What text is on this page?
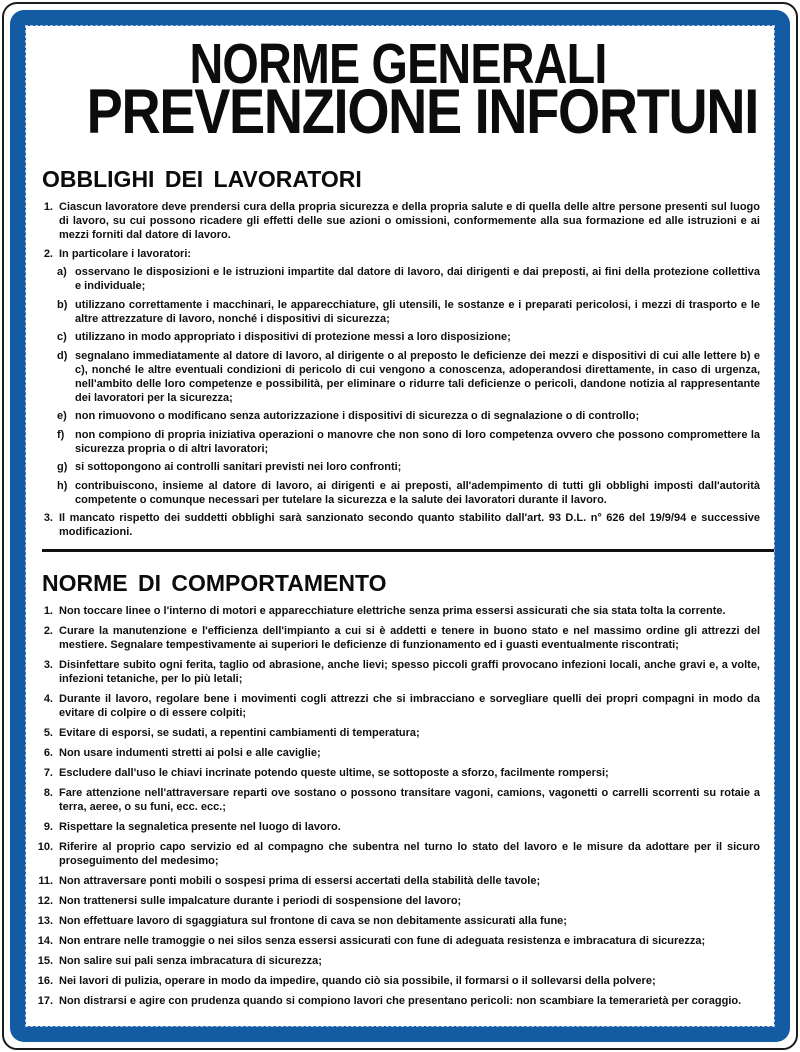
NORME GENERALI
PREVENZIONE INFORTUNI
OBBLIGHI DEI LAVORATORI
1. Ciascun lavoratore deve prendersi cura della propria sicurezza e della propria salute e di quella delle altre persone presenti sul luogo di lavoro, su cui possono ricadere gli effetti delle sue azioni o omissioni, conformemente alla sua formazione ed alle istruzioni e ai mezzi forniti dal datore di lavoro.
2. In particolare i lavoratori:
a) osservano le disposizioni e le istruzioni impartite dal datore di lavoro, dai dirigenti e dai preposti, ai fini della protezione collettiva e individuale;
b) utilizzano correttamente i macchinari, le apparecchiature, gli utensili, le sostanze e i preparati pericolosi, i mezzi di trasporto e le altre attrezzature di lavoro, nonché i dispositivi di sicurezza;
c) utilizzano in modo appropriato i dispositivi di protezione messi a loro disposizione;
d) segnalano immediatamente al datore di lavoro, al dirigente o al preposto le deficienze dei mezzi e dispositivi di cui alle lettere b) e c), nonché le altre eventuali condizioni di pericolo di cui vengono a conoscenza, adoperandosi direttamente, in caso di urgenza, nell'ambito delle loro competenze e possibilità, per eliminare o ridurre tali deficienze o pericoli, dandone notizia al rappresentante dei lavoratori per la sicurezza;
e) non rimuovono o modificano senza autorizzazione i dispositivi di sicurezza o di segnalazione o di controllo;
f) non compiono di propria iniziativa operazioni o manovre che non sono di loro competenza ovvero che possono compromettere la sicurezza propria o di altri lavoratori;
g) si sottopongono ai controlli sanitari previsti nei loro confronti;
h) contribuiscono, insieme al datore di lavoro, ai dirigenti e ai preposti, all'adempimento di tutti gli obblighi imposti dall'autorità competente o comunque necessari per tutelare la sicurezza e la salute dei lavoratori durante il lavoro.
3. Il mancato rispetto dei suddetti obblighi sarà sanzionato secondo quanto stabilito dall'art. 93 D.L. n° 626 del 19/9/94 e successive modificazioni.
NORME DI COMPORTAMENTO
1. Non toccare linee o l'interno di motori e apparecchiature elettriche senza prima essersi assicurati che sia stata tolta la corrente.
2. Curare la manutenzione e l'efficienza dell'impianto a cui si è addetti e tenere in buono stato e nel massimo ordine gli attrezzi del mestiere. Segnalare tempestivamente ai superiori le deficienze di funzionamento ed i guasti eventualmente riscontrati;
3. Disinfettare subito ogni ferita, taglio od abrasione, anche lievi; spesso piccoli graffi provocano infezioni locali, anche gravi e, a volte, infezioni tetaniche, per lo più letali;
4. Durante il lavoro, regolare bene i movimenti cogli attrezzi che si imbracciano e sorvegliare quelli dei propri compagni in modo da evitare di colpire o di essere colpiti;
5. Evitare di esporsi, se sudati, a repentini cambiamenti di temperatura;
6. Non usare indumenti stretti ai polsi e alle caviglie;
7. Escludere dall'uso le chiavi incrinate potendo queste ultime, se sottoposte a sforzo, facilmente rompersi;
8. Fare attenzione nell'attraversare reparti ove sostano o possono transitare vagoni, camions, vagonetti o carrelli scorrenti su rotaie a terra, aeree, o su funi, ecc. ecc.;
9. Rispettare la segnaletica presente nel luogo di lavoro.
10. Riferire al proprio capo servizio ed al compagno che subentra nel turno lo stato del lavoro e le misure da adottare per il sicuro proseguimento del medesimo;
11. Non attraversare ponti mobili o sospesi prima di essersi accertati della stabilità delle tavole;
12. Non trattenersi sulle impalcature durante i periodi di sospensione del lavoro;
13. Non effettuare lavoro di sgaggiatura sul frontone di cava se non debitamente assicurati alla fune;
14. Non entrare nelle tramoggie o nei silos senza essersi assicurati con fune di adeguata resistenza e imbracatura di sicurezza;
15. Non salire sui pali senza imbracatura di sicurezza;
16. Nei lavori di pulizia, operare in modo da impedire, quando ciò sia possibile, il formarsi o il sollevarsi della polvere;
17. Non distrarsi e agire con prudenza quando si compiono lavori che presentano pericoli: non scambiare la temerarietà per coraggio.
